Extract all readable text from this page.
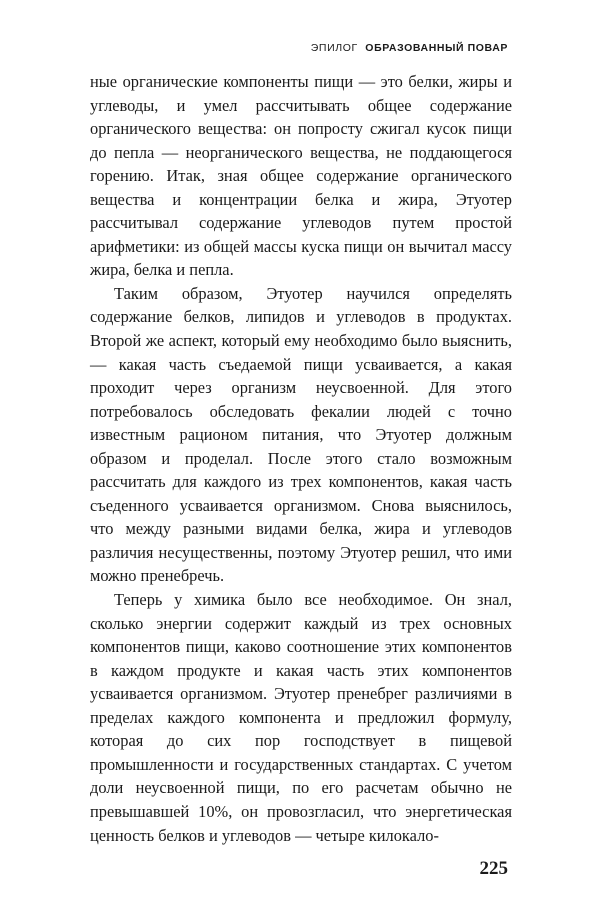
ЭПИЛОГ ОБРАЗОВАННЫЙ ПОВАР

ные органические компоненты пищи — это белки, жиры и углеводы, и умел рассчитывать общее содержание органического вещества: он попросту сжигал кусок пищи до пепла — неорганического вещества, не поддающегося горению. Итак, зная общее содержание органического вещества и концентрации белка и жира, Этуотер рассчитывал содержание углеводов путем простой арифметики: из общей массы куска пищи он вычитал массу жира, белка и пепла.

Таким образом, Этуотер научился определять содержание белков, липидов и углеводов в продуктах. Второй же аспект, который ему необходимо было выяснить, — какая часть съедаемой пищи усваивается, а какая проходит через организм неусвоенной. Для этого потребовалось обследовать фекалии людей с точно известным рационом питания, что Этуотер должным образом и проделал. После этого стало возможным рассчитать для каждого из трех компонентов, какая часть съеденного усваивается организмом. Снова выяснилось, что между разными видами белка, жира и углеводов различия несущественны, поэтому Этуотер решил, что ими можно пренебречь.

Теперь у химика было все необходимое. Он знал, сколько энергии содержит каждый из трех основных компонентов пищи, каково соотношение этих компонентов в каждом продукте и какая часть этих компонентов усваивается организмом. Этуотер пренебрег различиями в пределах каждого компонента и предложил формулу, которая до сих пор господствует в пищевой промышленности и государственных стандартах. С учетом доли неусвоенной пищи, по его расчетам обычно не превышавшей 10%, он провозгласил, что энергетическая ценность белков и углеводов — четыре килокало-

225
